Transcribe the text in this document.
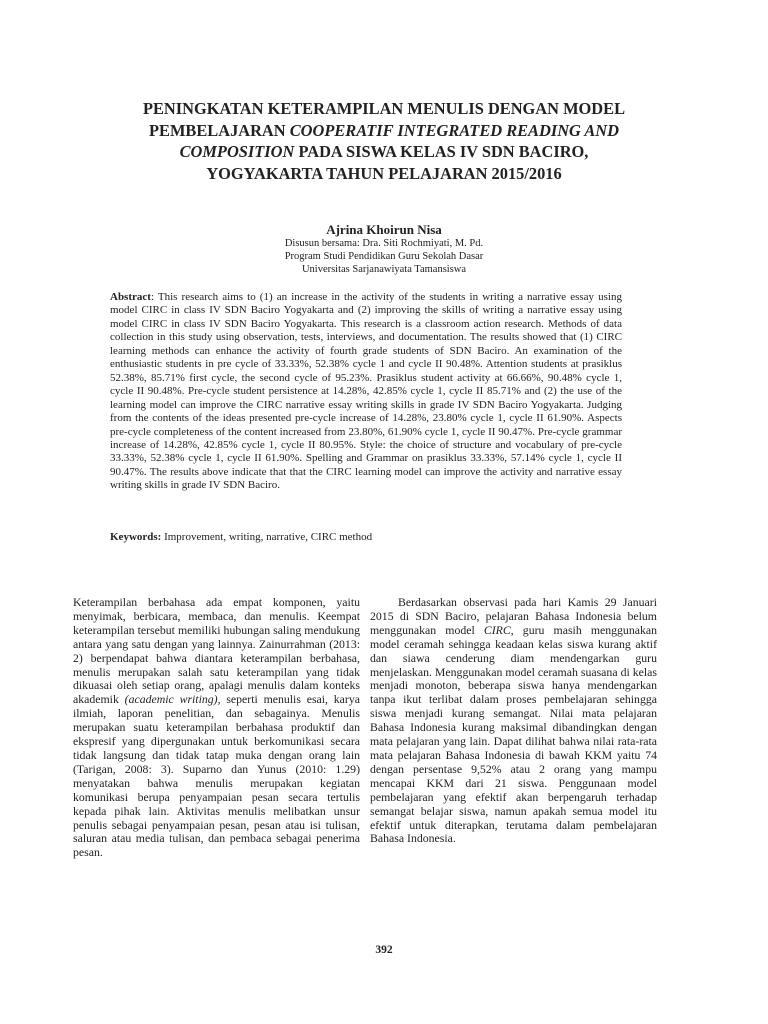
PENINGKATAN KETERAMPILAN MENULIS DENGAN MODEL
PEMBELAJARAN COOPERATIF INTEGRATED READING AND
COMPOSITION PADA SISWA KELAS IV SDN BACIRO,
YOGYAKARTA TAHUN PELAJARAN 2015/2016
Ajrina Khoirun Nisa
Disusun bersama: Dra. Siti Rochmiyati, M. Pd.
Program Studi Pendidikan Guru Sekolah Dasar
Universitas Sarjanawiyata Tamansiswa

Abstract: This research aims to (1) an increase in the activity of the students in writing a narrative essay using model CIRC in class IV SDN Baciro Yogyakarta and (2) improving the skills of writing a narrative essay using model CIRC in class IV SDN Baciro Yogyakarta. This research is a classroom action research. Methods of data collection in this study using observation, tests, interviews, and documentation. The results showed that (1) CIRC learning methods can enhance the activity of fourth grade students of SDN Baciro. An examination of the enthusiastic students in pre cycle of 33.33%, 52.38% cycle 1 and cycle II 90.48%. Attention students at prasiklus 52.38%, 85.71% first cycle, the second cycle of 95.23%. Prasiklus student activity at 66.66%, 90.48% cycle 1, cycle II 90.48%. Pre-cycle student persistence at 14.28%, 42.85% cycle 1, cycle II 85.71% and (2) the use of the learning model can improve the CIRC narrative essay writing skills in grade IV SDN Baciro Yogyakarta. Judging from the contents of the ideas presented pre-cycle increase of 14.28%, 23.80% cycle 1, cycle II 61.90%. Aspects pre-cycle completeness of the content increased from 23.80%, 61.90% cycle 1, cycle II 90.47%. Pre-cycle grammar increase of 14.28%, 42.85% cycle 1, cycle II 80.95%. Style: the choice of structure and vocabulary of pre-cycle 33.33%, 52.38% cycle 1, cycle II 61.90%. Spelling and Grammar on prasiklus 33.33%, 57.14% cycle 1, cycle II 90.47%. The results above indicate that that the CIRC learning model can improve the activity and narrative essay writing skills in grade IV SDN Baciro.

Keywords: Improvement, writing, narrative, CIRC method

Keterampilan berbahasa ada empat komponen, yaitu menyimak, berbicara, membaca, dan menulis. Keempat keterampilan tersebut memiliki hubungan saling mendukung antara yang satu dengan yang lainnya. Zainurrahman (2013: 2) berpendapat bahwa diantara keterampilan berbahasa, menulis merupakan salah satu keterampilan yang tidak dikuasai oleh setiap orang, apalagi menulis dalam konteks akademik (academic writing), seperti menulis esai, karya ilmiah, laporan penelitian, dan sebagainya. Menulis merupakan suatu keterampilan berbahasa produktif dan ekspresif yang dipergunakan untuk berkomunikasi secara tidak langsung dan tidak tatap muka dengan orang lain (Tarigan, 2008: 3). Suparno dan Yunus (2010: 1.29) menyatakan bahwa menulis merupakan kegiatan komunikasi berupa penyampaian pesan secara tertulis kepada pihak lain. Aktivitas menulis melibatkan unsur penulis sebagai penyampaian pesan, pesan atau isi tulisan, saluran atau media tulisan, dan pembaca sebagai penerima pesan.

Berdasarkan observasi pada hari Kamis 29 Januari 2015 di SDN Baciro, pelajaran Bahasa Indonesia belum menggunakan model CIRC, guru masih menggunakan model ceramah sehingga keadaan kelas siswa kurang aktif dan siawa cenderung diam mendengarkan guru menjelaskan. Menggunakan model ceramah suasana di kelas menjadi monoton, beberapa siswa hanya mendengarkan tanpa ikut terlibat dalam proses pembelajaran sehingga siswa menjadi kurang semangat. Nilai mata pelajaran Bahasa Indonesia kurang maksimal dibandingkan dengan mata pelajaran yang lain. Dapat dilihat bahwa nilai rata-rata mata pelajaran Bahasa Indonesia di bawah KKM yaitu 74 dengan persentase 9,52% atau 2 orang yang mampu mencapai KKM dari 21 siswa. Penggunaan model pembelajaran yang efektif akan berpengaruh terhadap semangat belajar siswa, namun apakah semua model itu efektif untuk diterapkan, terutama dalam pembelajaran Bahasa Indonesia.

392
